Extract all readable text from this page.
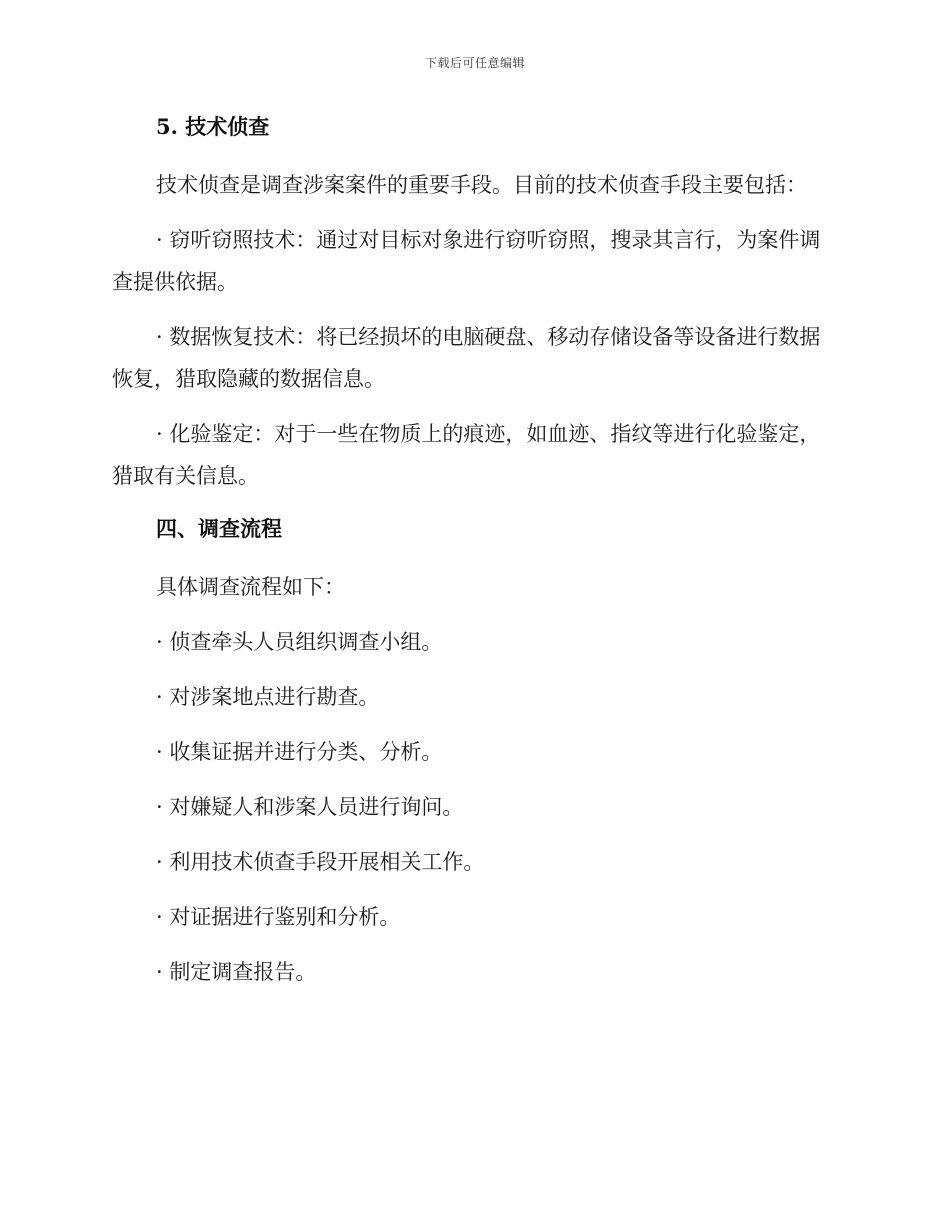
下载后可任意编辑
5. 技术侦查

技术侦查是调查涉案案件的重要手段。目前的技术侦查手段主要包括：

· 窃听窃照技术：通过对目标对象进行窃听窃照，搜录其言行，为案件调查提供依据。

· 数据恢复技术：将已经损坏的电脑硬盘、移动存储设备等设备进行数据恢复，猎取隐藏的数据信息。

· 化验鉴定：对于一些在物质上的痕迹，如血迹、指纹等进行化验鉴定，猎取有关信息。

四、调查流程

具体调查流程如下：

· 侦查牵头人员组织调查小组。

· 对涉案地点进行勘查。

· 收集证据并进行分类、分析。

· 对嫌疑人和涉案人员进行询问。

· 利用技术侦查手段开展相关工作。

· 对证据进行鉴别和分析。

· 制定调查报告。
